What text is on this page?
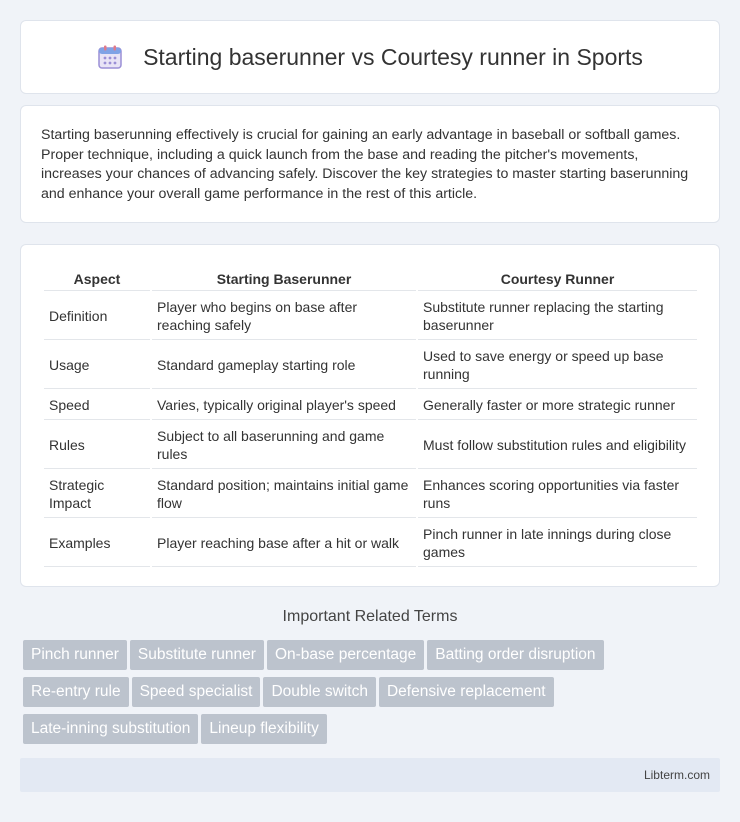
Starting baserunner vs Courtesy runner in Sports

Starting baserunning effectively is crucial for gaining an early advantage in baseball or softball games. Proper technique, including a quick launch from the base and reading the pitcher's movements, increases your chances of advancing safely. Discover the key strategies to master starting baserunning and enhance your overall game performance in the rest of this article.

Aspect	Starting Baserunner	Courtesy Runner
Definition	Player who begins on base after reaching safely	Substitute runner replacing the starting baserunner
Usage	Standard gameplay starting role	Used to save energy or speed up base running
Speed	Varies, typically original player's speed	Generally faster or more strategic runner
Rules	Subject to all baserunning and game rules	Must follow substitution rules and eligibility
Strategic Impact	Standard position; maintains initial game flow	Enhances scoring opportunities via faster runs
Examples	Player reaching base after a hit or walk	Pinch runner in late innings during close games
Important Related Terms
Pinch runner Substitute runner On-base percentage Batting order disruption
Re-entry rule Speed specialist Double switch Defensive replacement
Late-inning substitution Lineup flexibility
Libterm.com
